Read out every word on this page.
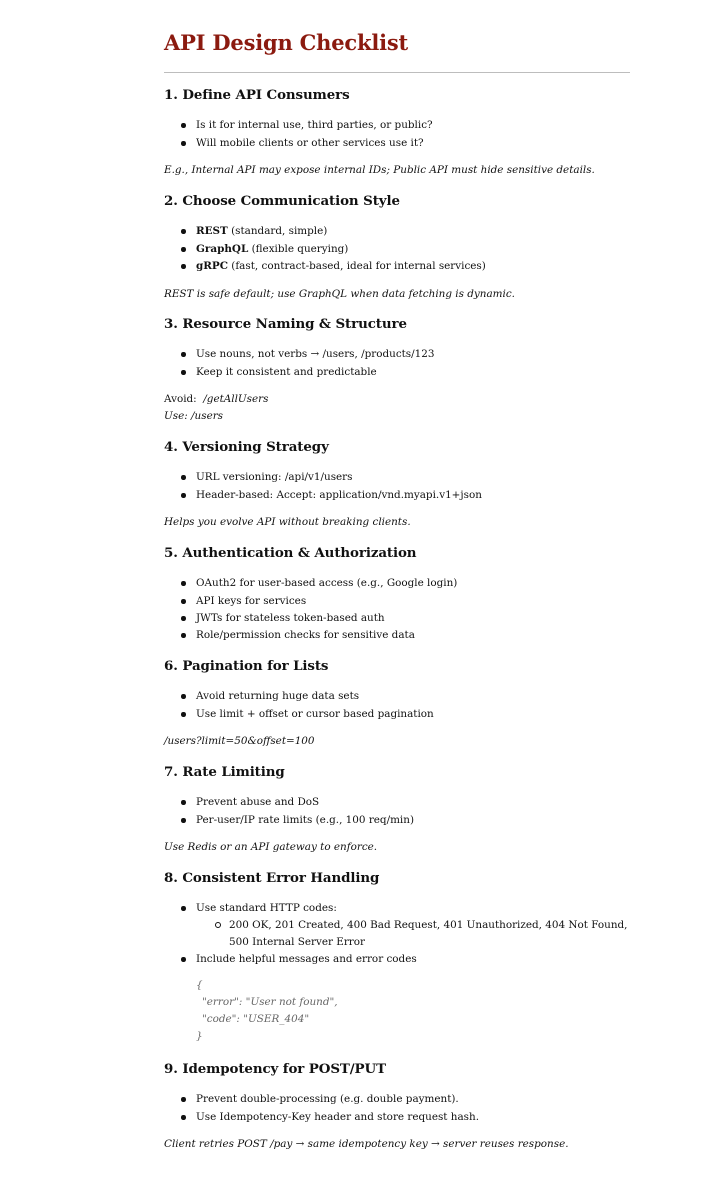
API Design Checklist
1. Define API Consumers
Is it for internal use, third parties, or public?
Will mobile clients or other services use it?
E.g., Internal API may expose internal IDs; Public API must hide sensitive details.
2. Choose Communication Style
REST (standard, simple)
GraphQL (flexible querying)
gRPC (fast, contract-based, ideal for internal services)
REST is safe default; use GraphQL when data fetching is dynamic.
3. Resource Naming & Structure
Use nouns, not verbs → /users, /products/123
Keep it consistent and predictable
Avoid: /getAllUsers
Use: /users
4. Versioning Strategy
URL versioning: /api/v1/users
Header-based: Accept: application/vnd.myapi.v1+json
Helps you evolve API without breaking clients.
5. Authentication & Authorization
OAuth2 for user-based access (e.g., Google login)
API keys for services
JWTs for stateless token-based auth
Role/permission checks for sensitive data
6. Pagination for Lists
Avoid returning huge data sets
Use limit + offset or cursor based pagination
/users?limit=50&offset=100
7. Rate Limiting
Prevent abuse and DoS
Per-user/IP rate limits (e.g., 100 req/min)
Use Redis or an API gateway to enforce.
8. Consistent Error Handling
Use standard HTTP codes:
200 OK, 201 Created, 400 Bad Request, 401 Unauthorized, 404 Not Found, 500 Internal Server Error
Include helpful messages and error codes
{
"error": "User not found",
"code": "USER_404"
}
9. Idempotency for POST/PUT
Prevent double-processing (e.g. double payment).
Use Idempotency-Key header and store request hash.
Client retries POST /pay → same idempotency key → server reuses response.
